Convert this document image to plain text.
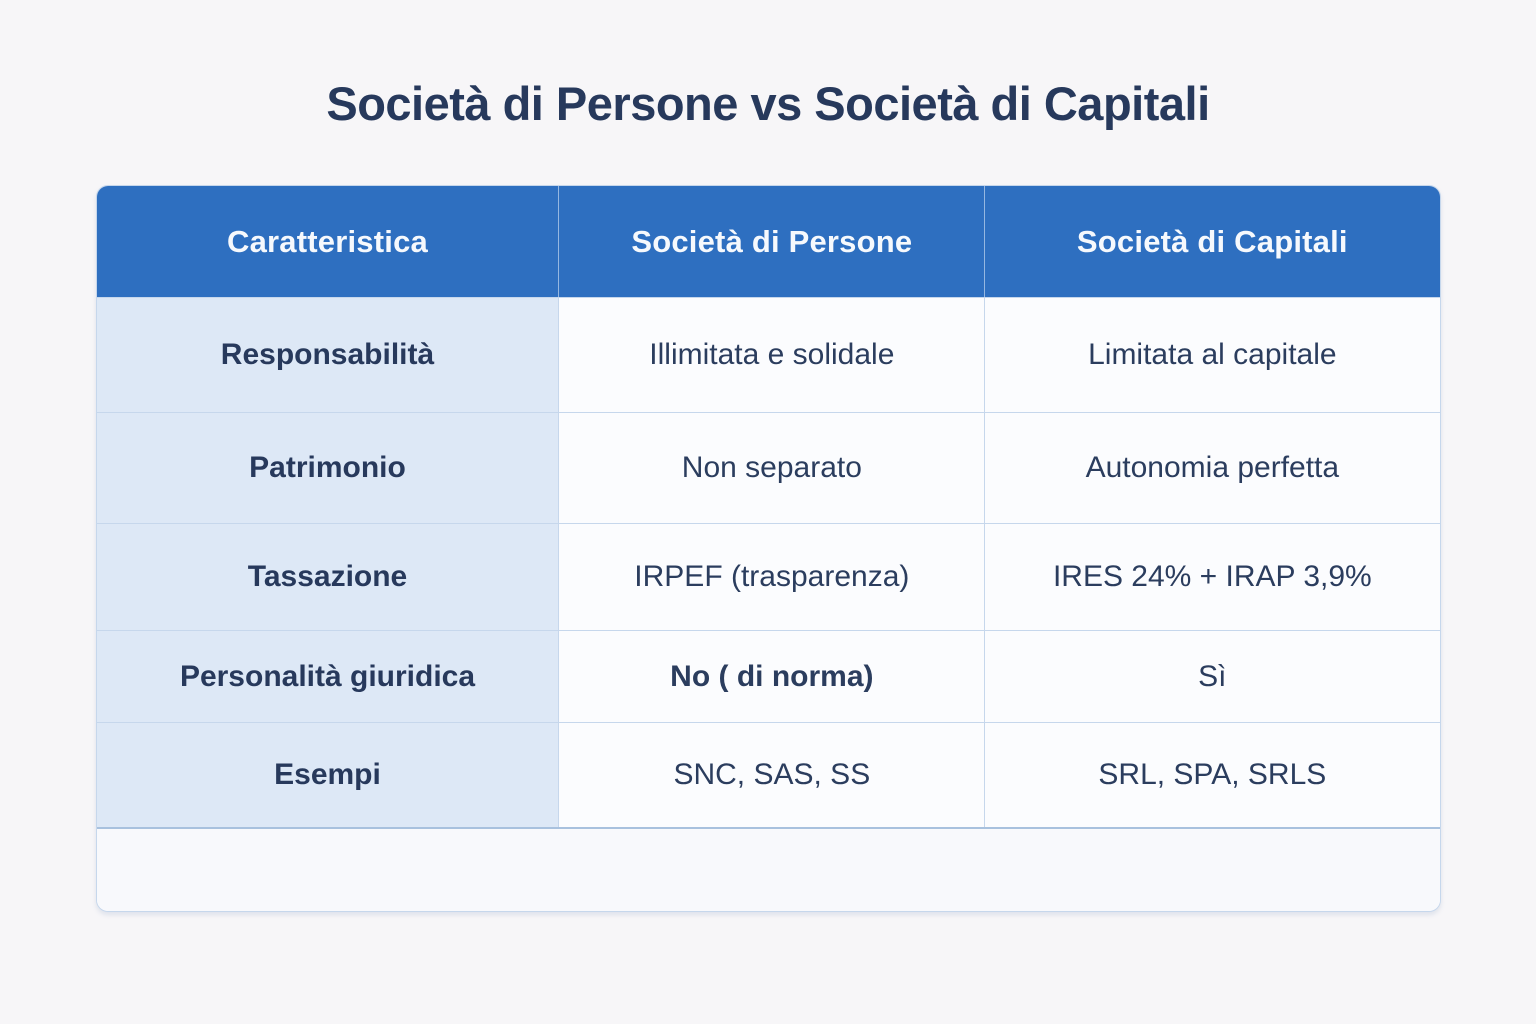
Società di Persone vs Società di Capitali
Caratteristica	Società di Persone	Società di Capitali
Responsabilità	Illimitata e solidale	Limitata al capitale
Patrimonio	Non separato	Autonomia perfetta
Tassazione	IRPEF (trasparenza)	IRES 24% + IRAP 3,9%
Personalità giuridica	No ( di norma)	Sì
Esempi	SNC, SAS, SS	SRL, SPA, SRLS
